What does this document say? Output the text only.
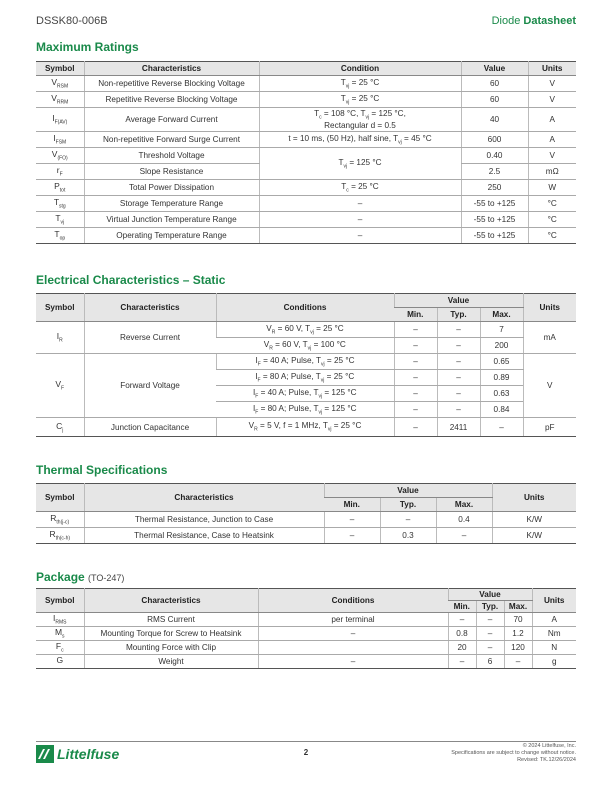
DSSK80-006B	Diode Datasheet
Maximum Ratings
Symbol	Characteristics	Condition	Value	Units
$V_{RSM}$	Non-repetitive Reverse Blocking Voltage	$T_{vj} = 25$ °C	60	V
$V_{RRM}$	Repetitive Reverse Blocking Voltage	$T_{vj} = 25$ °C	60	V
$I_{F(AV)}$	Average Forward Current	$T_c = 108$ °C, $T_{vj} = 125$ °C,
Rectangular d = 0.5	40	A
$I_{FSM}$	Non-repetitive Forward Surge Current	t = 10 ms, (50 Hz), half sine, $T_{vj} = 45$ °C	600	A
$V_{(FO)}$	Threshold Voltage	$T_{vj} = 125$ °C	0.40	V
$r_F$	Slope Resistance		2.5	mΩ
$P_{tot}$	Total Power Dissipation	$T_c = 25$ °C	250	W
$T_{stg}$	Storage Temperature Range	–	-55 to +125	°C
$T_{vj}$	Virtual Junction Temperature Range	–	-55 to +125	°C
$T_{op}$	Operating Temperature Range	–	-55 to +125	°C
Electrical Characteristics – Static
Symbol	Characteristics	Conditions	Value			Units
			Min.	Typ.	Max.	
$I_R$	Reverse Current	$V_R = 60$ V, $T_{vj} = 25$ °C	–	–	7	mA
		$V_R = 60$ V, $T_{vj} = 100$ °C	–	–	200	
$V_F$	Forward Voltage	$I_F = 40$ A; Pulse, $T_{vj} = 25$ °C	–	–	0.65	V
		$I_F = 80$ A; Pulse, $T_{vj} = 25$ °C	–	–	0.89	
		$I_F = 40$ A; Pulse, $T_{vj} = 125$ °C	–	–	0.63	
		$I_F = 80$ A; Pulse, $T_{vj} = 125$ °C	–	–	0.84	
$C_j$	Junction Capacitance	$V_R = 5$ V, f = 1 MHz, $T_{vj} = 25$ °C	–	2411	–	pF
Thermal Specifications
Symbol	Characteristics	Value			Units
		Min.	Typ.	Max.	
$R_{th(j-c)}$	Thermal Resistance, Junction to Case	–	–	0.4	K/W
$R_{th(c-h)}$	Thermal Resistance, Case to Heatsink	–	0.3	–	K/W
Package (TO-247)
Symbol	Characteristics	Conditions	Value			Units
			Min.	Typ.	Max.	
$I_{RMS}$	RMS Current	per terminal	–	–	70	A
$M_s$	Mounting Torque for Screw to Heatsink	–	0.8	–	1.2	Nm
$F_c$	Mounting Force with Clip		20	–	120	N
G	Weight	–	–	6	–	g
Littelfuse	2
© 2024 Littelfuse, Inc.
Specifications are subject to change without notice.
Revised: TK.12/26/2024
